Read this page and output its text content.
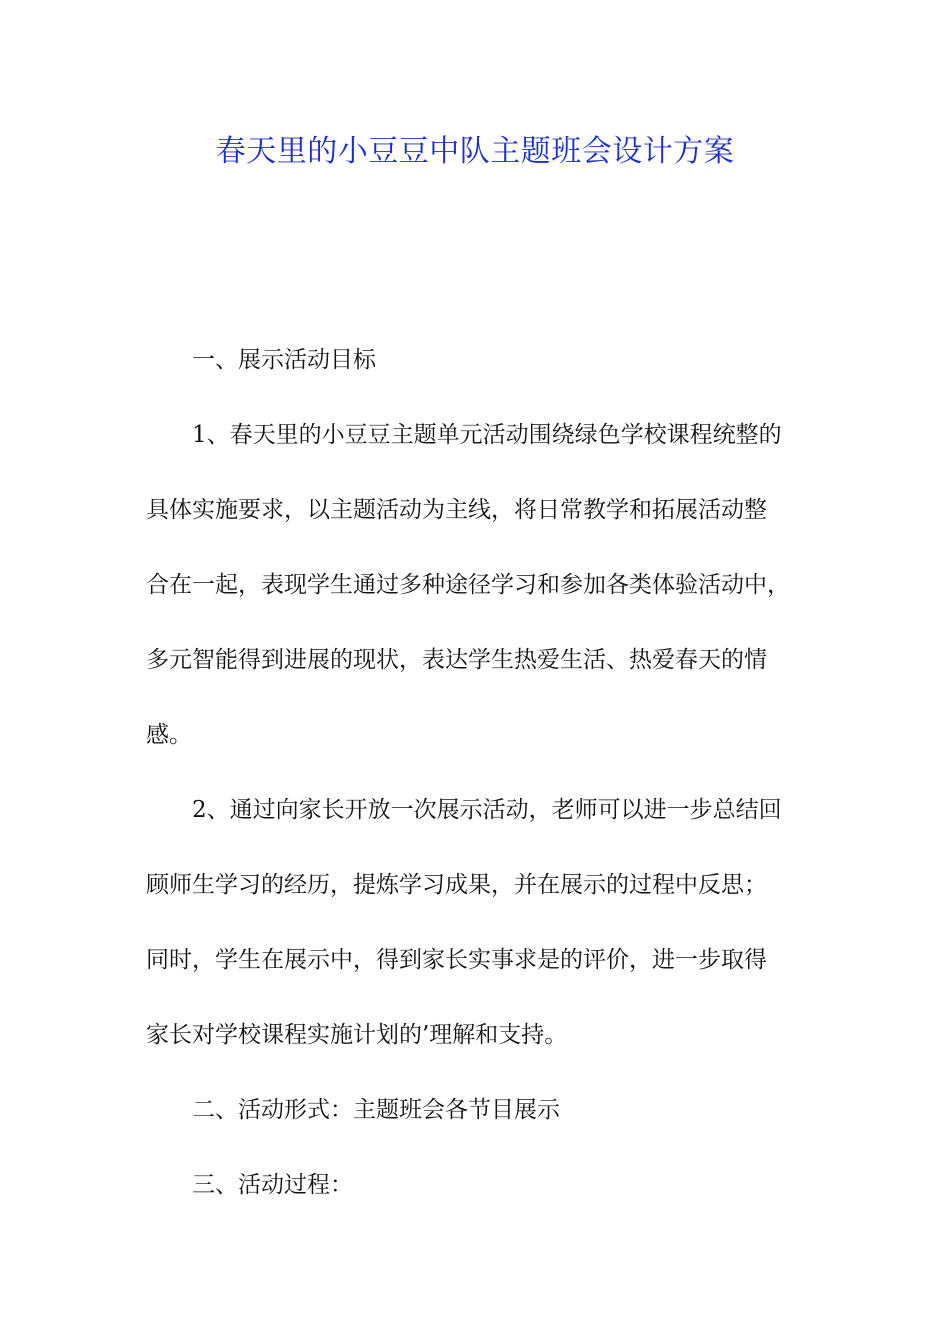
春天里的小豆豆中队主题班会设计方案

一、展示活动目标

1、春天里的小豆豆主题单元活动围绕绿色学校课程统整的

具体实施要求，以主题活动为主线，将日常教学和拓展活动整

合在一起，表现学生通过多种途径学习和参加各类体验活动中，

多元智能得到进展的现状，表达学生热爱生活、热爱春天的情

感。

2、通过向家长开放一次展示活动，老师可以进一步总结回

顾师生学习的经历，提炼学习成果，并在展示的过程中反思；

同时，学生在展示中，得到家长实事求是的评价，进一步取得

家长对学校课程实施计划的’理解和支持。

二、活动形式：主题班会各节目展示

三、活动过程：
